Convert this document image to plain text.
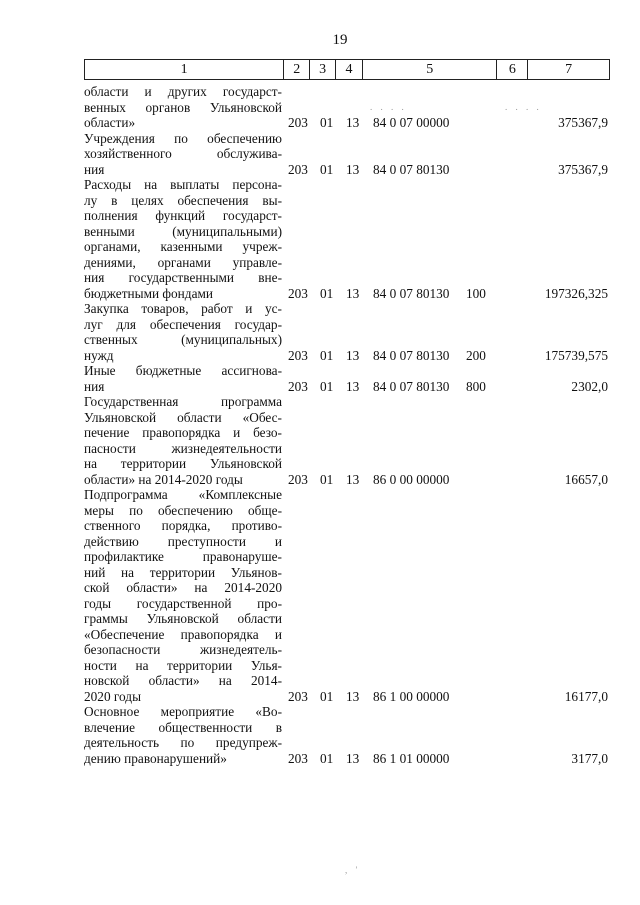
19
1	2	3	4	5	6	7
области и других государст-
венных органов Ульяновской
области»	203 01 13	84 0 07 00000	375367,9
Учреждения по обеспечению
хозяйственного обслужива-
ния	203 01 13	84 0 07 80130	375367,9
Расходы на выплаты персона-
лу в целях обеспечения вы-
полнения функций государст-
венными (муниципальными)
органами, казенными учреж-
дениями, органами управле-
ния государственными вне-
бюджетными фондами	203 01 13	84 0 07 80130	100	197326,325
Закупка товаров, работ и ус-
луг для обеспечения государ-
ственных (муниципальных)
нужд	203 01 13	84 0 07 80130	200	175739,575
Иные бюджетные ассигнова-
ния	203 01 13	84 0 07 80130	800	2302,0
Государственная программа
Ульяновской области «Обес-
печение правопорядка и безо-
пасности жизнедеятельности
на территории Ульяновской
области» на 2014-2020 годы	203 01 13	86 0 00 00000	16657,0
Подпрограмма «Комплексные
меры по обеспечению обще-
ственного порядка, противо-
действию преступности и
профилактике правонаруше-
ний на территории Ульянов-
ской области» на 2014-2020
годы государственной про-
граммы Ульяновской области
«Обеспечение правопорядка и
безопасности жизнедеятель-
ности на территории Улья-
новской области» на 2014-
2020 годы	203 01 13	86 1 00 00000	16177,0
Основное мероприятие «Во-
влечение общественности в
деятельность по предупреж-
дению правонарушений»	203 01 13	86 1 01 00000	3177,0
. . . .	. . . .
, ′
